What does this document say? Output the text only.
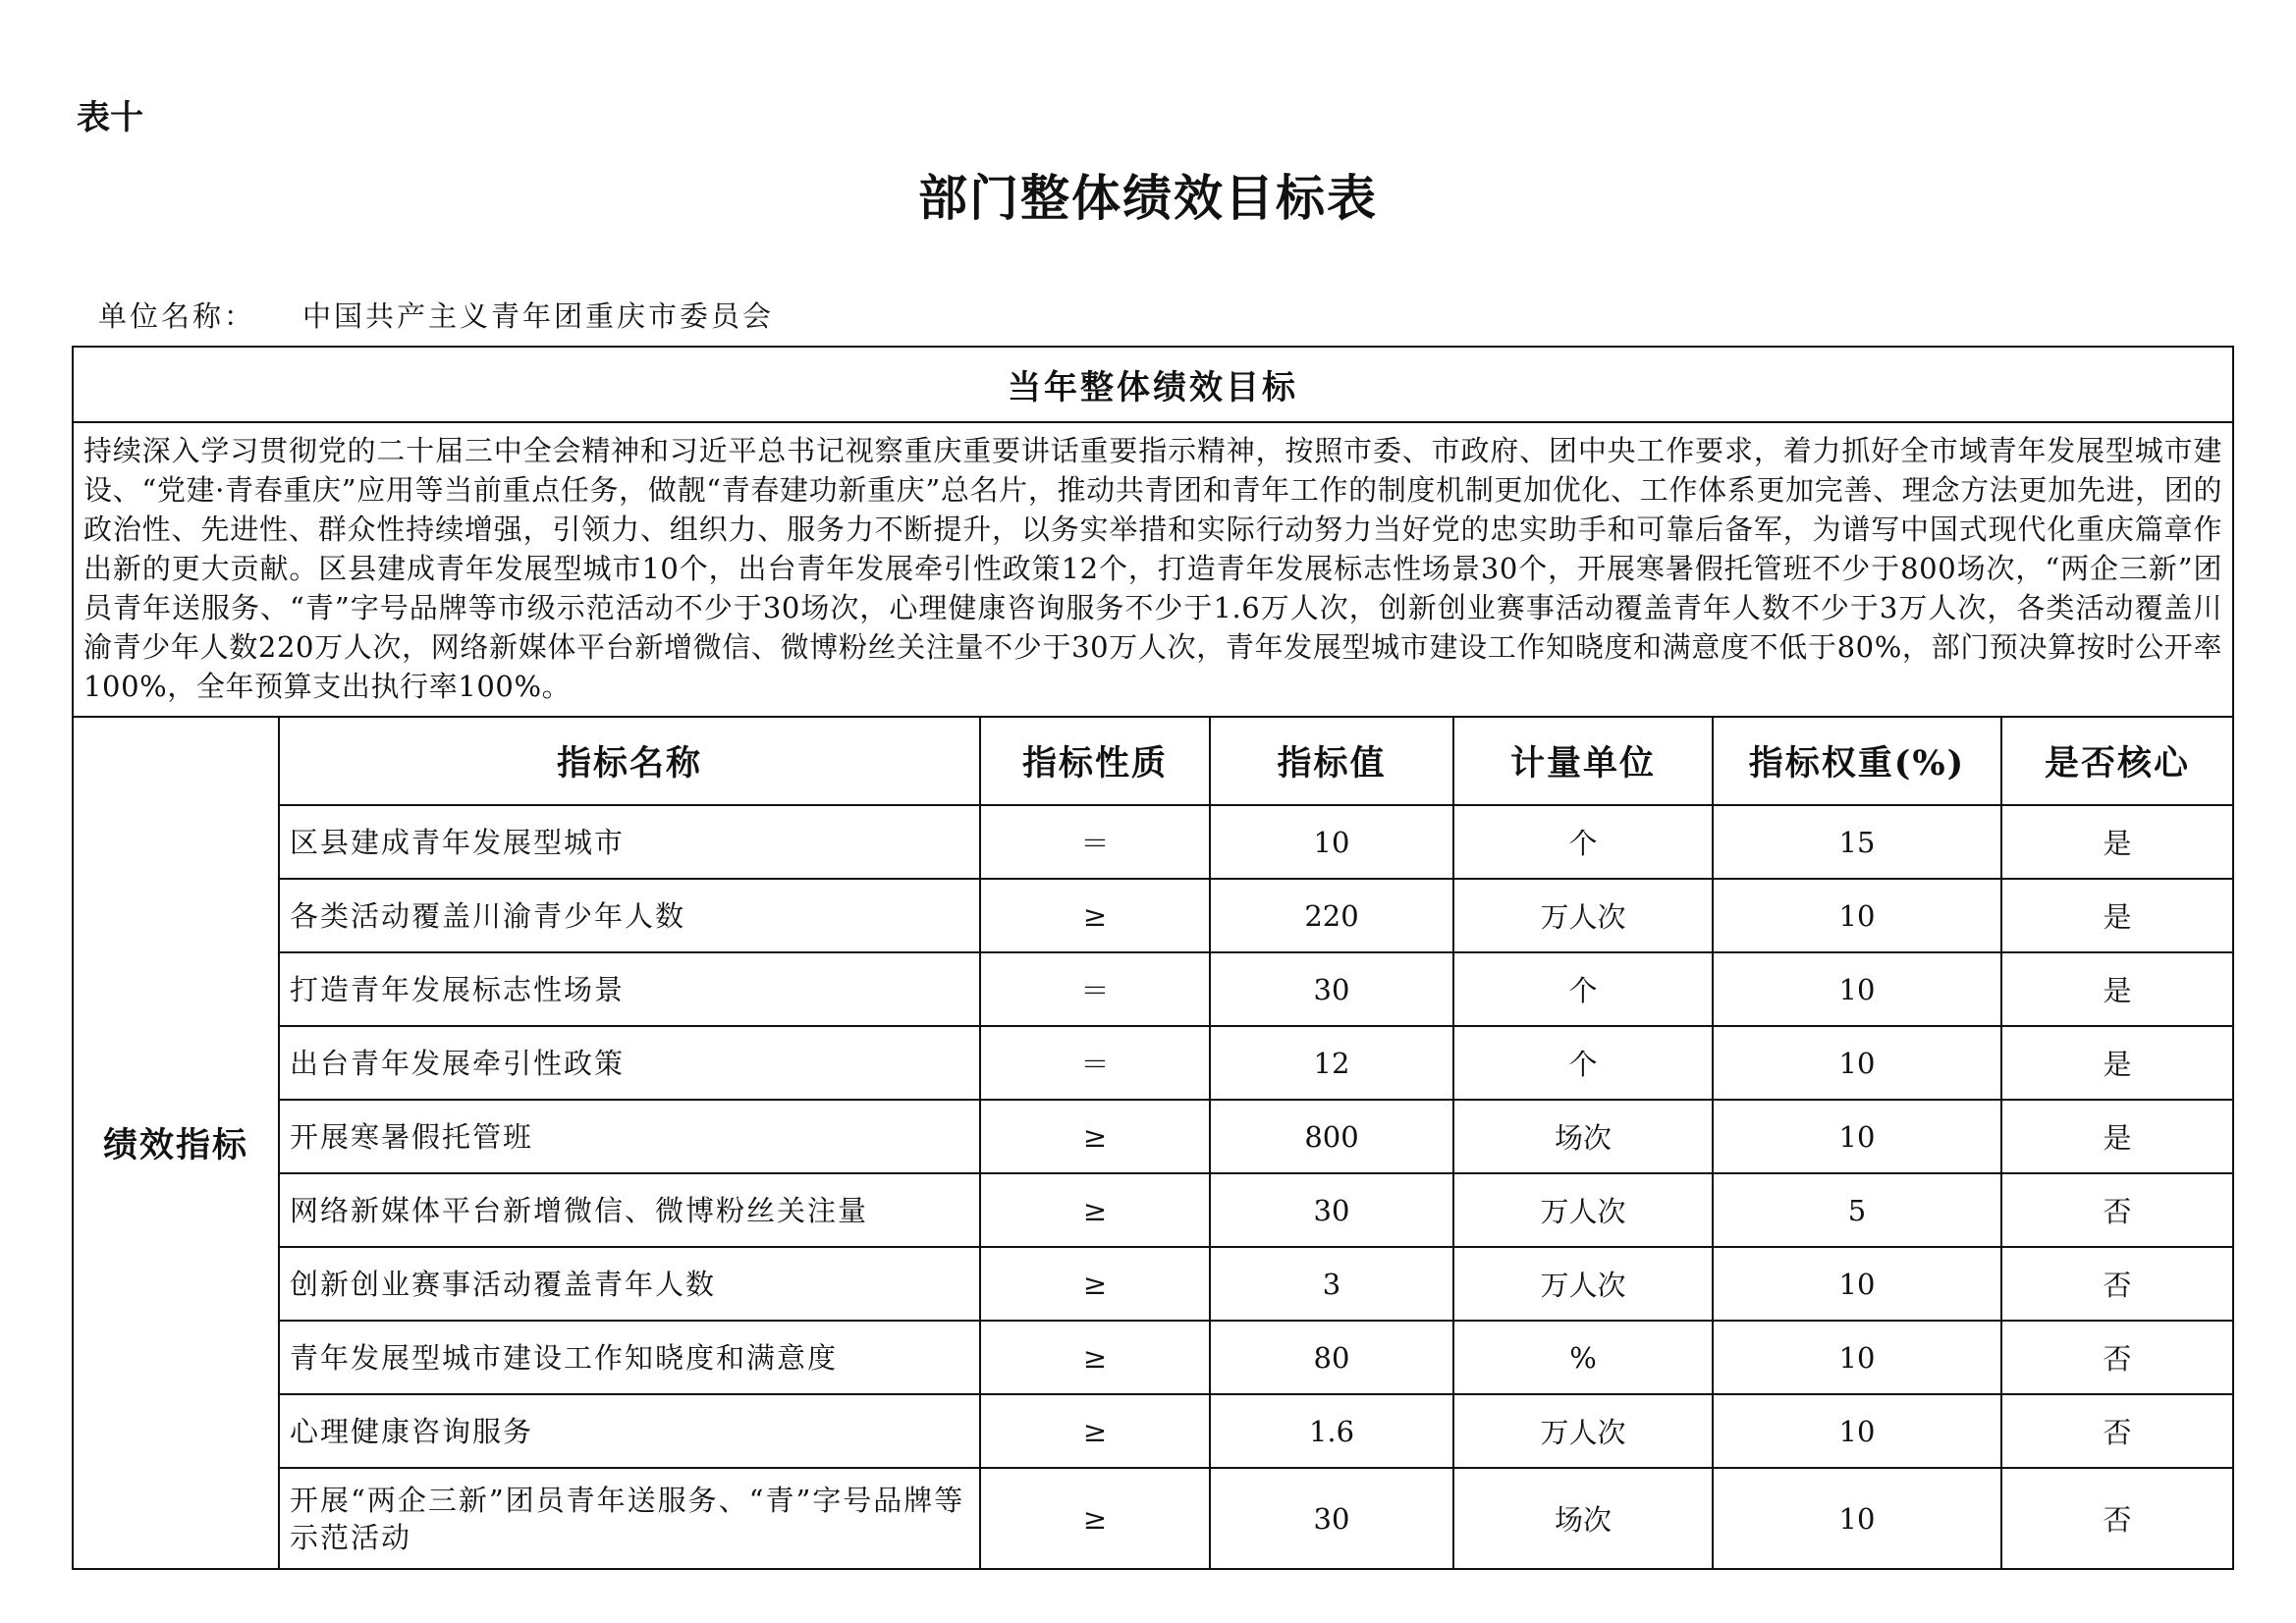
表十
部门整体绩效目标表
单位名称： 中国共产主义青年团重庆市委员会
当年整体绩效目标						
持续深入学习贯彻党的二十届三中全会精神和习近平总书记视察重庆重要讲话重要指示精神，按照市委、市政府、团中央工作要求，着力抓好全市域青年发展型城市建设、“党建·青春重庆”应用等当前重点任务，做靓“青春建功新重庆”总名片，推动共青团和青年工作的制度机制更加优化、工作体系更加完善、理念方法更加先进，团的政治性、先进性、群众性持续增强，引领力、组织力、服务力不断提升，以务实举措和实际行动努力当好党的忠实助手和可靠后备军，为谱写中国式现代化重庆篇章作出新的更大贡献。区县建成青年发展型城市10个，出台青年发展牵引性政策12个，打造青年发展标志性场景30个，开展寒暑假托管班不少于800场次，“两企三新”团员青年送服务、“青”字号品牌等市级示范活动不少于30场次，心理健康咨询服务不少于1.6万人次，创新创业赛事活动覆盖青年人数不少于3万人次，各类活动覆盖川渝青少年人数220万人次，网络新媒体平台新增微信、微博粉丝关注量不少于30万人次，青年发展型城市建设工作知晓度和满意度不低于80%，部门预决算按时公开率100%，全年预算支出执行率100%。						
绩效指标	指标名称	指标性质	指标值	计量单位	指标权重(%)	是否核心
	区县建成青年发展型城市	＝	10	个	15	是
	各类活动覆盖川渝青少年人数	≥	220	万人次	10	是
	打造青年发展标志性场景	＝	30	个	10	是
	出台青年发展牵引性政策	＝	12	个	10	是
	开展寒暑假托管班	≥	800	场次	10	是
	网络新媒体平台新增微信、微博粉丝关注量	≥	30	万人次	5	否
	创新创业赛事活动覆盖青年人数	≥	3	万人次	10	否
	青年发展型城市建设工作知晓度和满意度	≥	80	%	10	否
	心理健康咨询服务	≥	1.6	万人次	10	否
	开展“两企三新”团员青年送服务、“青”字号品牌等示范活动	≥	30	场次	10	否
